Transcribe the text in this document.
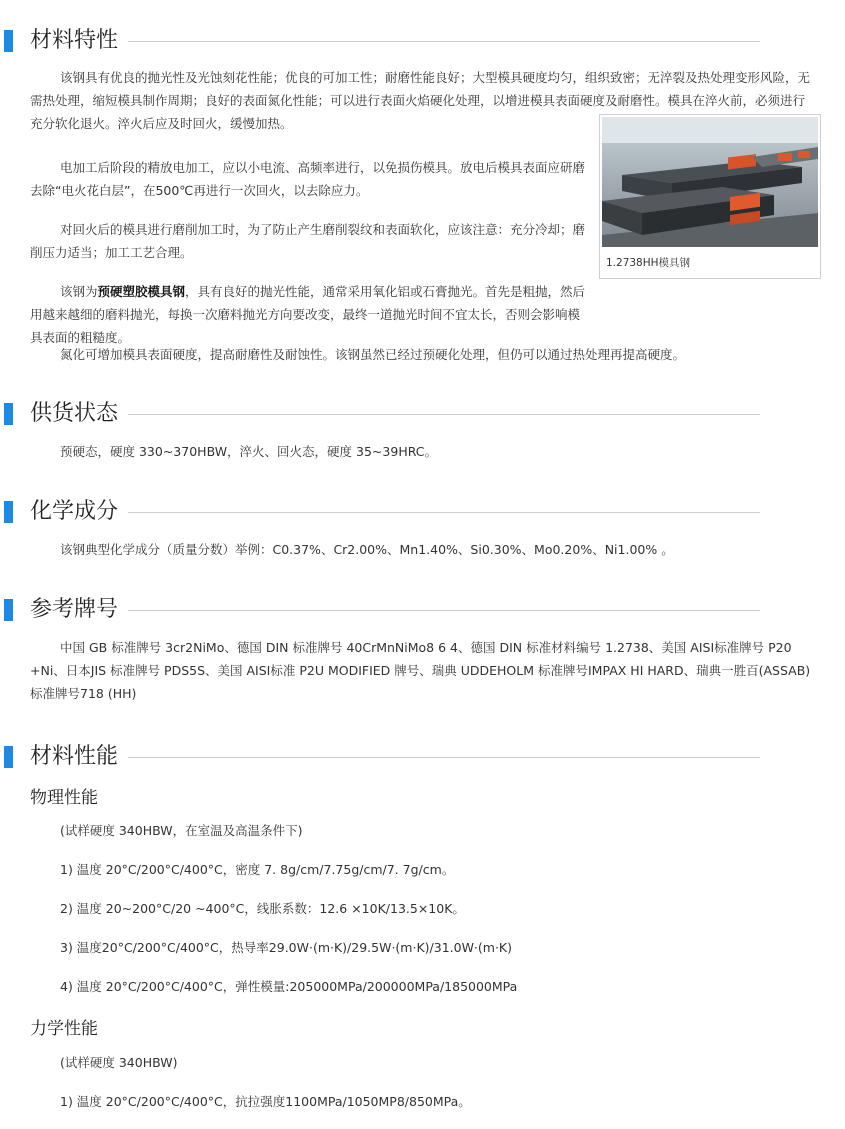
材料特性

该钢具有优良的抛光性及光蚀刻花性能；优良的可加工性；耐磨性能良好；大型模具硬度均匀，组织致密；无淬裂及热处理变形风险，无需热处理，缩短模具制作周期；良好的表面氮化性能；可以进行表面火焰硬化处理，以增进模具表面硬度及耐磨性。模具在淬火前，必须进行充分软化退火。淬火后应及时回火，缓慢加热。

1.2738HH模具钢

电加工后阶段的精放电加工，应以小电流、高频率进行，以免损伤模具。放电后模具表面应研磨去除“电火花白层”，在500℃再进行一次回火，以去除应力。

对回火后的模具进行磨削加工时，为了防止产生磨削裂纹和表面软化，应该注意：充分冷却；磨削压力适当；加工工艺合理。

该钢为预硬塑胶模具钢，具有良好的抛光性能，通常采用氧化铝或石膏抛光。首先是粗抛，然后用越来越细的磨料抛光，每换一次磨料抛光方向要改变，最终一道抛光时间不宜太长，否则会影响模具表面的粗糙度。

氮化可增加模具表面硬度，提高耐磨性及耐蚀性。该钢虽然已经过预硬化处理，但仍可以通过热处理再提高硬度。

供货状态

预硬态，硬度 330~370HBW，淬火、回火态，硬度 35~39HRC。

化学成分

该钢典型化学成分（质量分数）举例：C0.37%、Cr2.00%、Mn1.40%、Si0.30%、Mo0.20%、Ni1.00% 。

参考牌号

中国 GB 标准牌号 3cr2NiMo、德国 DIN 标准牌号 40CrMnNiMo8 6 4、德国 DIN 标准材料编号 1.2738、美国 AISI标准牌号 P20 +Ni、日本JIS 标准牌号 PDS5S、美国 AISI标准 P2U MODIFIED 牌号、瑞典 UDDEHOLM 标准牌号IMPAX HI HARD、瑞典一胜百(ASSAB) 标准牌号718 (HH)

材料性能
物理性能

(试样硬度 340HBW，在室温及高温条件下)

1) 温度 20°C/200°C/400°C，密度 7. 8g/cm/7.75g/cm/7. 7g/cm。

2) 温度 20~200°C/20 ~400°C，线胀系数：12.6 ×10K/13.5×10K。

3) 温度20°C/200°C/400°C，热导率29.0W·(m·K)/29.5W·(m·K)/31.0W·(m·K)

4) 温度 20°C/200°C/400°C，弹性模量:205000MPa/200000MPa/185000MPa

力学性能

(试样硬度 340HBW)

1) 温度 20°C/200°C/400°C，抗拉强度1100MPa/1050MP8/850MPa。
